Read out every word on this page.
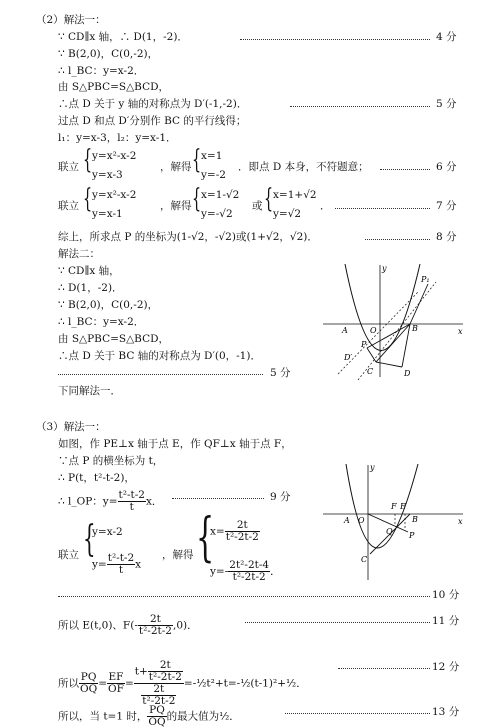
（2）解法一：
∵ CD∥x 轴，∴ D(1，-2)．	4 分
∵ B(2,0)，C(0,-2)，
∴ l_BC：y=x-2．
由 S△PBC=S△BCD，
∴点 D 关于 y 轴的对称点为 D′(-1,-2)．	5 分
过点 D 和点 D′分别作 BC 的平行线得；
l₁：y=x-3，l₂：y=x-1．
联立 { y=x²-x-2
y=x-3
，解得 { x=1
y=-2
．即点 D 本身，不符题意；	6 分
联立 { y=x²-x-2
y=x-1
，解得 { x=1-√2
y=-√2
或 { x=1+√2
y=√2
．	7 分
综上，所求点 P 的坐标为(1-√2，-√2)或(1+√2，√2)．	8 分
解法二：
∵ CD∥x 轴，
∴ D(1，-2)．
∵ B(2,0)，C(0,-2)，
∴ l_BC：y=x-2．
由 S△PBC=S△BCD，
∴点 D 关于 BC 轴的对称点为 D′(0，-1)．
5 分
下同解法一．
y
x
A	O	B
C	D
D′
P
P₁
（3）解法一：
如图，作 PE⊥x 轴于点 E，作 QF⊥x 轴于点 F，
∵点 P 的横坐标为 t，
∴ P(t，t²-t-2)，
∴ l_OP：$y= \frac{\text{t²-t-2}}{t}$ x．	9 分
联立 {
y=x-2
$y= \frac{\text{t²-t-2}}{t}$ x
，解得 {
$x= \frac{2t}{\text{t²-2t-2}}$
$y=- \frac{\text{2t²-2t-4}}{\text{t²-2t-2}}$ ．
10 分
所以 E(t,0)、$F(- \frac{2t}{\text{t²-2t-2}} ,0)$．	11 分
所以 $\frac{PQ}{OQ} = \frac{EF}{OF} = \frac{t+ \frac{2t}{\text{t²-2t-2}}}{\frac{2t}{\text{t²-2t-2}}}$ =-½t²+t=-½(t-1)²+½．
12 分
所以，当 t=1 时， $\frac{PQ}{OQ}$ 的最大值为½．	13 分
y
x
A O	B
C
F E
Q P
